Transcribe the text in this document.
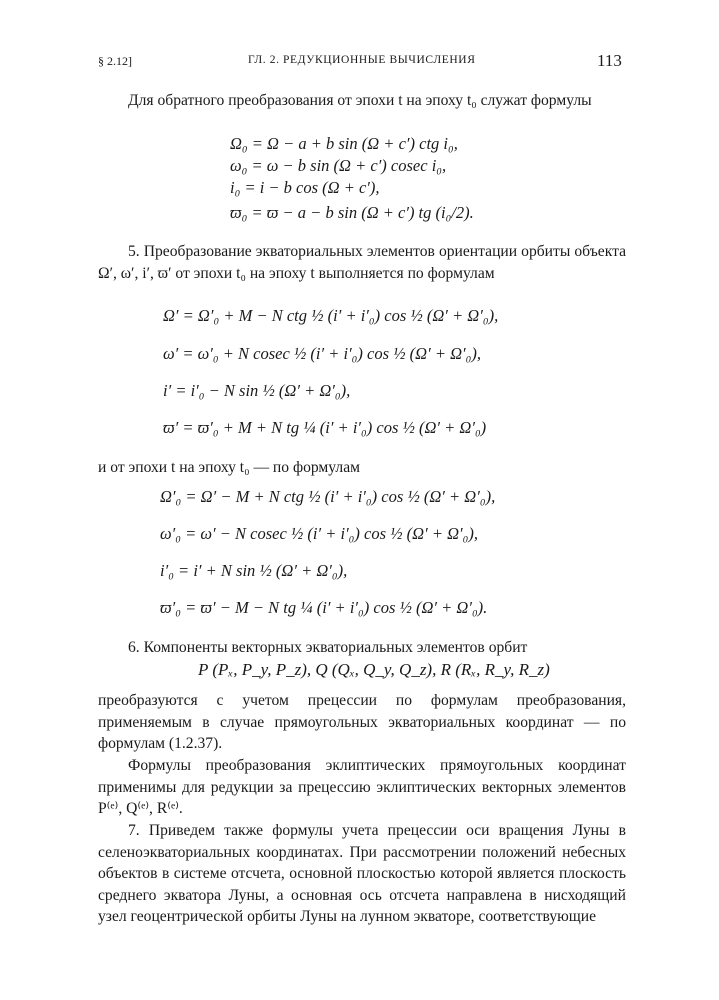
§ 2.12]	ГЛ. 2. РЕДУКЦИОННЫЕ ВЫЧИСЛЕНИЯ	113
Для обратного преобразования от эпохи t на эпоху t₀ служат формулы
Ω₀ = Ω − a + b sin (Ω + c′) ctg i₀,
ω₀ = ω − b sin (Ω + c′) cosec i₀,
i₀ = i − b cos (Ω + c′),
ϖ₀ = ϖ − a − b sin (Ω + c′) tg (i₀/2).
5. Преобразование экваториальных элементов ориентации орбиты объекта Ω′, ω′, i′, ϖ′ от эпохи t₀ на эпоху t выполняется по формулам
Ω′ = Ω′₀ + M − N ctg ½ (i′ + i′₀) cos ½ (Ω′ + Ω′₀),
ω′ = ω′₀ + N cosec ½ (i′ + i′₀) cos ½ (Ω′ + Ω′₀),
i′ = i′₀ − N sin ½ (Ω′ + Ω′₀),
ϖ′ = ϖ′₀ + M + N tg ¼ (i′ + i′₀) cos ½ (Ω′ + Ω′₀)
и от эпохи t на эпоху t₀ — по формулам
Ω′₀ = Ω′ − M + N ctg ½ (i′ + i′₀) cos ½ (Ω′ + Ω′₀),
ω′₀ = ω′ − N cosec ½ (i′ + i′₀) cos ½ (Ω′ + Ω′₀),
i′₀ = i′ + N sin ½ (Ω′ + Ω′₀),
ϖ′₀ = ϖ′ − M − N tg ¼ (i′ + i′₀) cos ½ (Ω′ + Ω′₀).
6. Компоненты векторных экваториальных элементов орбит
P (Pₓ, P_y, P_z), Q (Qₓ, Q_y, Q_z), R (Rₓ, R_y, R_z)
преобразуются с учетом прецессии по формулам преобразования, применяемым в случае прямоугольных экваториальных координат — по формулам (1.2.37).
Формулы преобразования эклиптических прямоугольных координат применимы для редукции за прецессию эклиптических векторных элементов P⁽ᵉ⁾, Q⁽ᵉ⁾, R⁽ᵉ⁾.
7. Приведем также формулы учета прецессии оси вращения Луны в селеноэкваториальных координатах. При рассмотрении положений небесных объектов в системе отсчета, основной плоскостью которой является плоскость среднего экватора Луны, а основная ось отсчета направлена в нисходящий узел геоцентрической орбиты Луны на лунном экваторе, соответствующие
